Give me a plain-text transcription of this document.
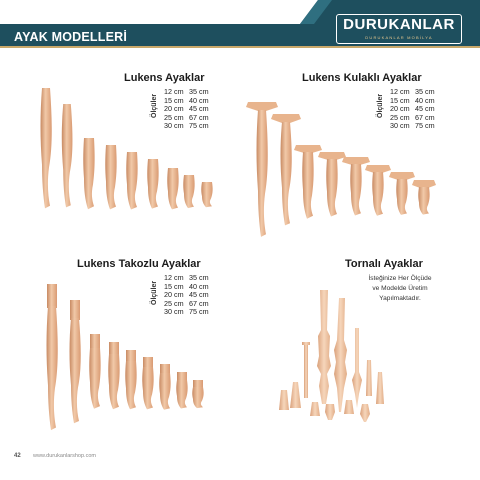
AYAK MODELLERİ
DURUKANLAR
DURUKANLAR MOBİLYA
Lukens Ayaklar
Ölçüler
12 cm 35 cm
15 cm 40 cm
20 cm 45 cm
25 cm 67 cm
30 cm 75 cm
Lukens Kulaklı Ayaklar
Ölçüler
12 cm 35 cm
15 cm 40 cm
20 cm 45 cm
25 cm 67 cm
30 cm 75 cm
Lukens Takozlu Ayaklar
Ölçüler
12 cm 35 cm
15 cm 40 cm
20 cm 45 cm
25 cm 67 cm
30 cm 75 cm
Tornalı Ayaklar
İsteğinize Her Ölçüde
ve Modelde Üretim
Yapılmaktadır.
42 www.durukanlarshop.com
